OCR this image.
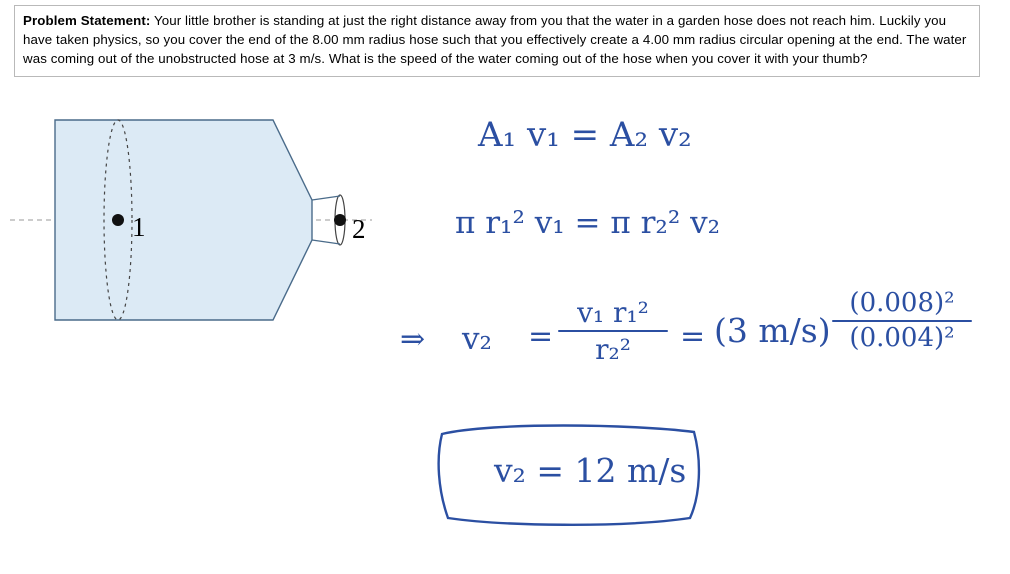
Problem Statement: Your little brother is standing at just the right distance away from you that the water in a garden hose does not reach him. Luckily you have taken physics, so you cover the end of the 8.00 mm radius hose such that you effectively create a 4.00 mm radius circular opening at the end. The water was coming out of the unobstructed hose at 3 m/s. What is the speed of the water coming out of the hose when you cover it with your thumb?
1	2
A₁ v₁ = A₂ v₂
π r₁² v₁ = π r₂² v₂
⇒ v₂ =
v₁ r₁²
r₂²	= (3 m/s)
(0.008)²
(0.004)²
v₂ = 12 m/s
